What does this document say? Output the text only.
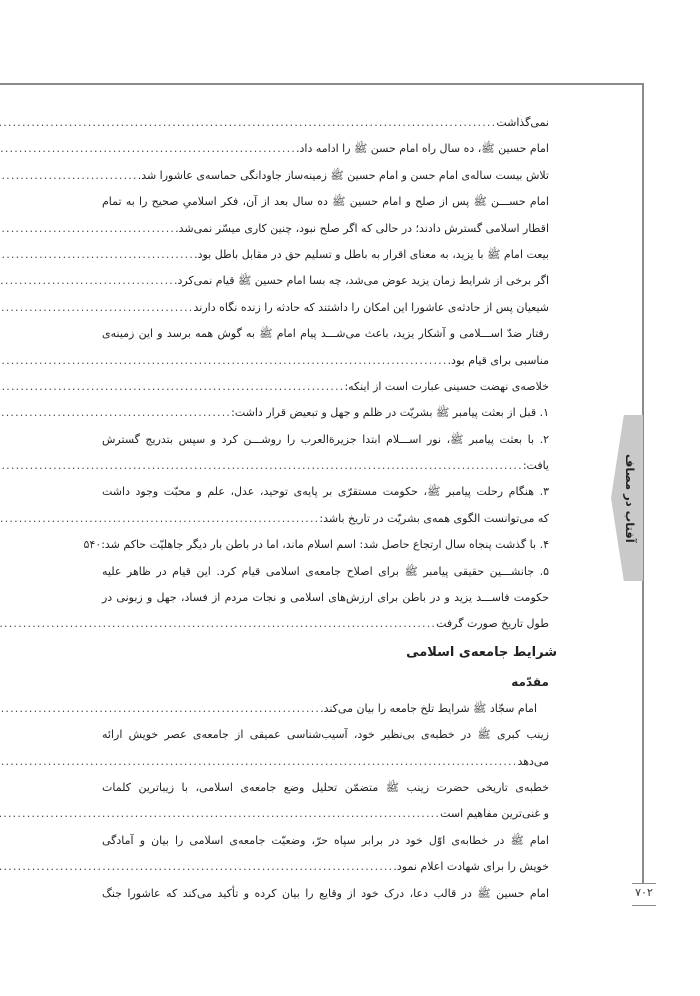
آفتاب در مصاف
۷۰۲
نمی‌گذاشت
.....
امام حسین ﷺ، ده سال راه امام حسن ﷺ را ادامه داد.
.....
تلاش بیست ساله‌ی امام حسن و امام حسین ﷺ زمینه‌ساز جاودانگی حماسه‌ی عاشورا شد.
.....
امام حســـن ﷺ پس از صلح و امام حسین ﷺ ده سال بعد از آن، فکر اسلامیِ صحیح را به تمام
اقطار اسلامی گسترش دادند؛ در حالی که اگر صلح نبود، چنین کاری میسّر نمی‌شد.
.....
بیعت امام ﷺ با یزید، به معنای اقرار به باطل و تسلیم حق در مقابل باطل بود.
.....
اگر برخی از شرایط زمان یزید عوض می‌شد، چه بسا امام حسین ﷺ قیام نمی‌کرد.
.....
شیعیان پس از حادثه‌ی عاشورا این امکان را داشتند که حادثه را زنده نگاه دارند
.....
رفتار ضدّ اســـلامی و آشکار یزید، باعث می‌شـــد پیام امام ﷺ به گوش همه برسد و این زمینه‌ی
مناسبی برای قیام بود.
.....
خلاصه‌ی نهضت حسینی عبارت است از اینکه:
.....
۱. قبل از بعثت پیامبر ﷺ بشریّت در ظلم و جهل و تبعیض قرار داشت:
.....
۲. با بعثت پیامبر ﷺ، نور اســـلام ابتدا جزیرةالعرب را روشـــن کرد و سپس بتدریج گسترش
یافت:
.....
۳. هنگام رحلت پیامبر ﷺ، حکومت مستقرّی بر پایه‌ی توحید، عدل، علم و محبّت وجود داشت
که می‌توانست الگوی همه‌ی بشریّت در تاریخ باشد:
.....
۴. با گذشت پنجاه سال ارتجاع حاصل شد: اسم اسلام ماند، اما در باطن بار دیگر جاهلیّت حاکم شد:
۵۴۰
۵. جانشـــین حقیقی پیامبر ﷺ برای اصلاح جامعه‌ی اسلامی قیام کرد. این قیام در ظاهر علیه
حکومت فاســـد یزید و در باطن برای ارزش‌های اسلامی و نجات مردم از فساد، جهل و زبونی در
طول تاریخ صورت گرفت
.....
شرایط جامعه‌ی اسلامی
مقدّمه
امام سجّاد ﷺ شرایط تلخ جامعه را بیان می‌کند.
.....
زینب کبری ﷺ در خطبه‌ی بی‌نظیر خود، آسیب‌شناسی عمیقی از جامعه‌ی عصر خویش ارائه
می‌دهد
.....
خطبه‌ی تاریخی حضرت زینب ﷺ متضمّن تحلیل وضع جامعه‌ی اسلامی، با زیباترین کلمات
و غنی‌ترین مفاهیم است
.....
امام ﷺ در خطابه‌ی اوّل خود در برابر سپاه حرّ، وضعیّت جامعه‌ی اسلامی را بیان و آمادگی
خویش را برای شهادت اعلام نمود.
.....
امام حسین ﷺ در قالب دعا، درک خود از وقایع را بیان کرده و تأکید می‌کند که عاشورا جنگ
